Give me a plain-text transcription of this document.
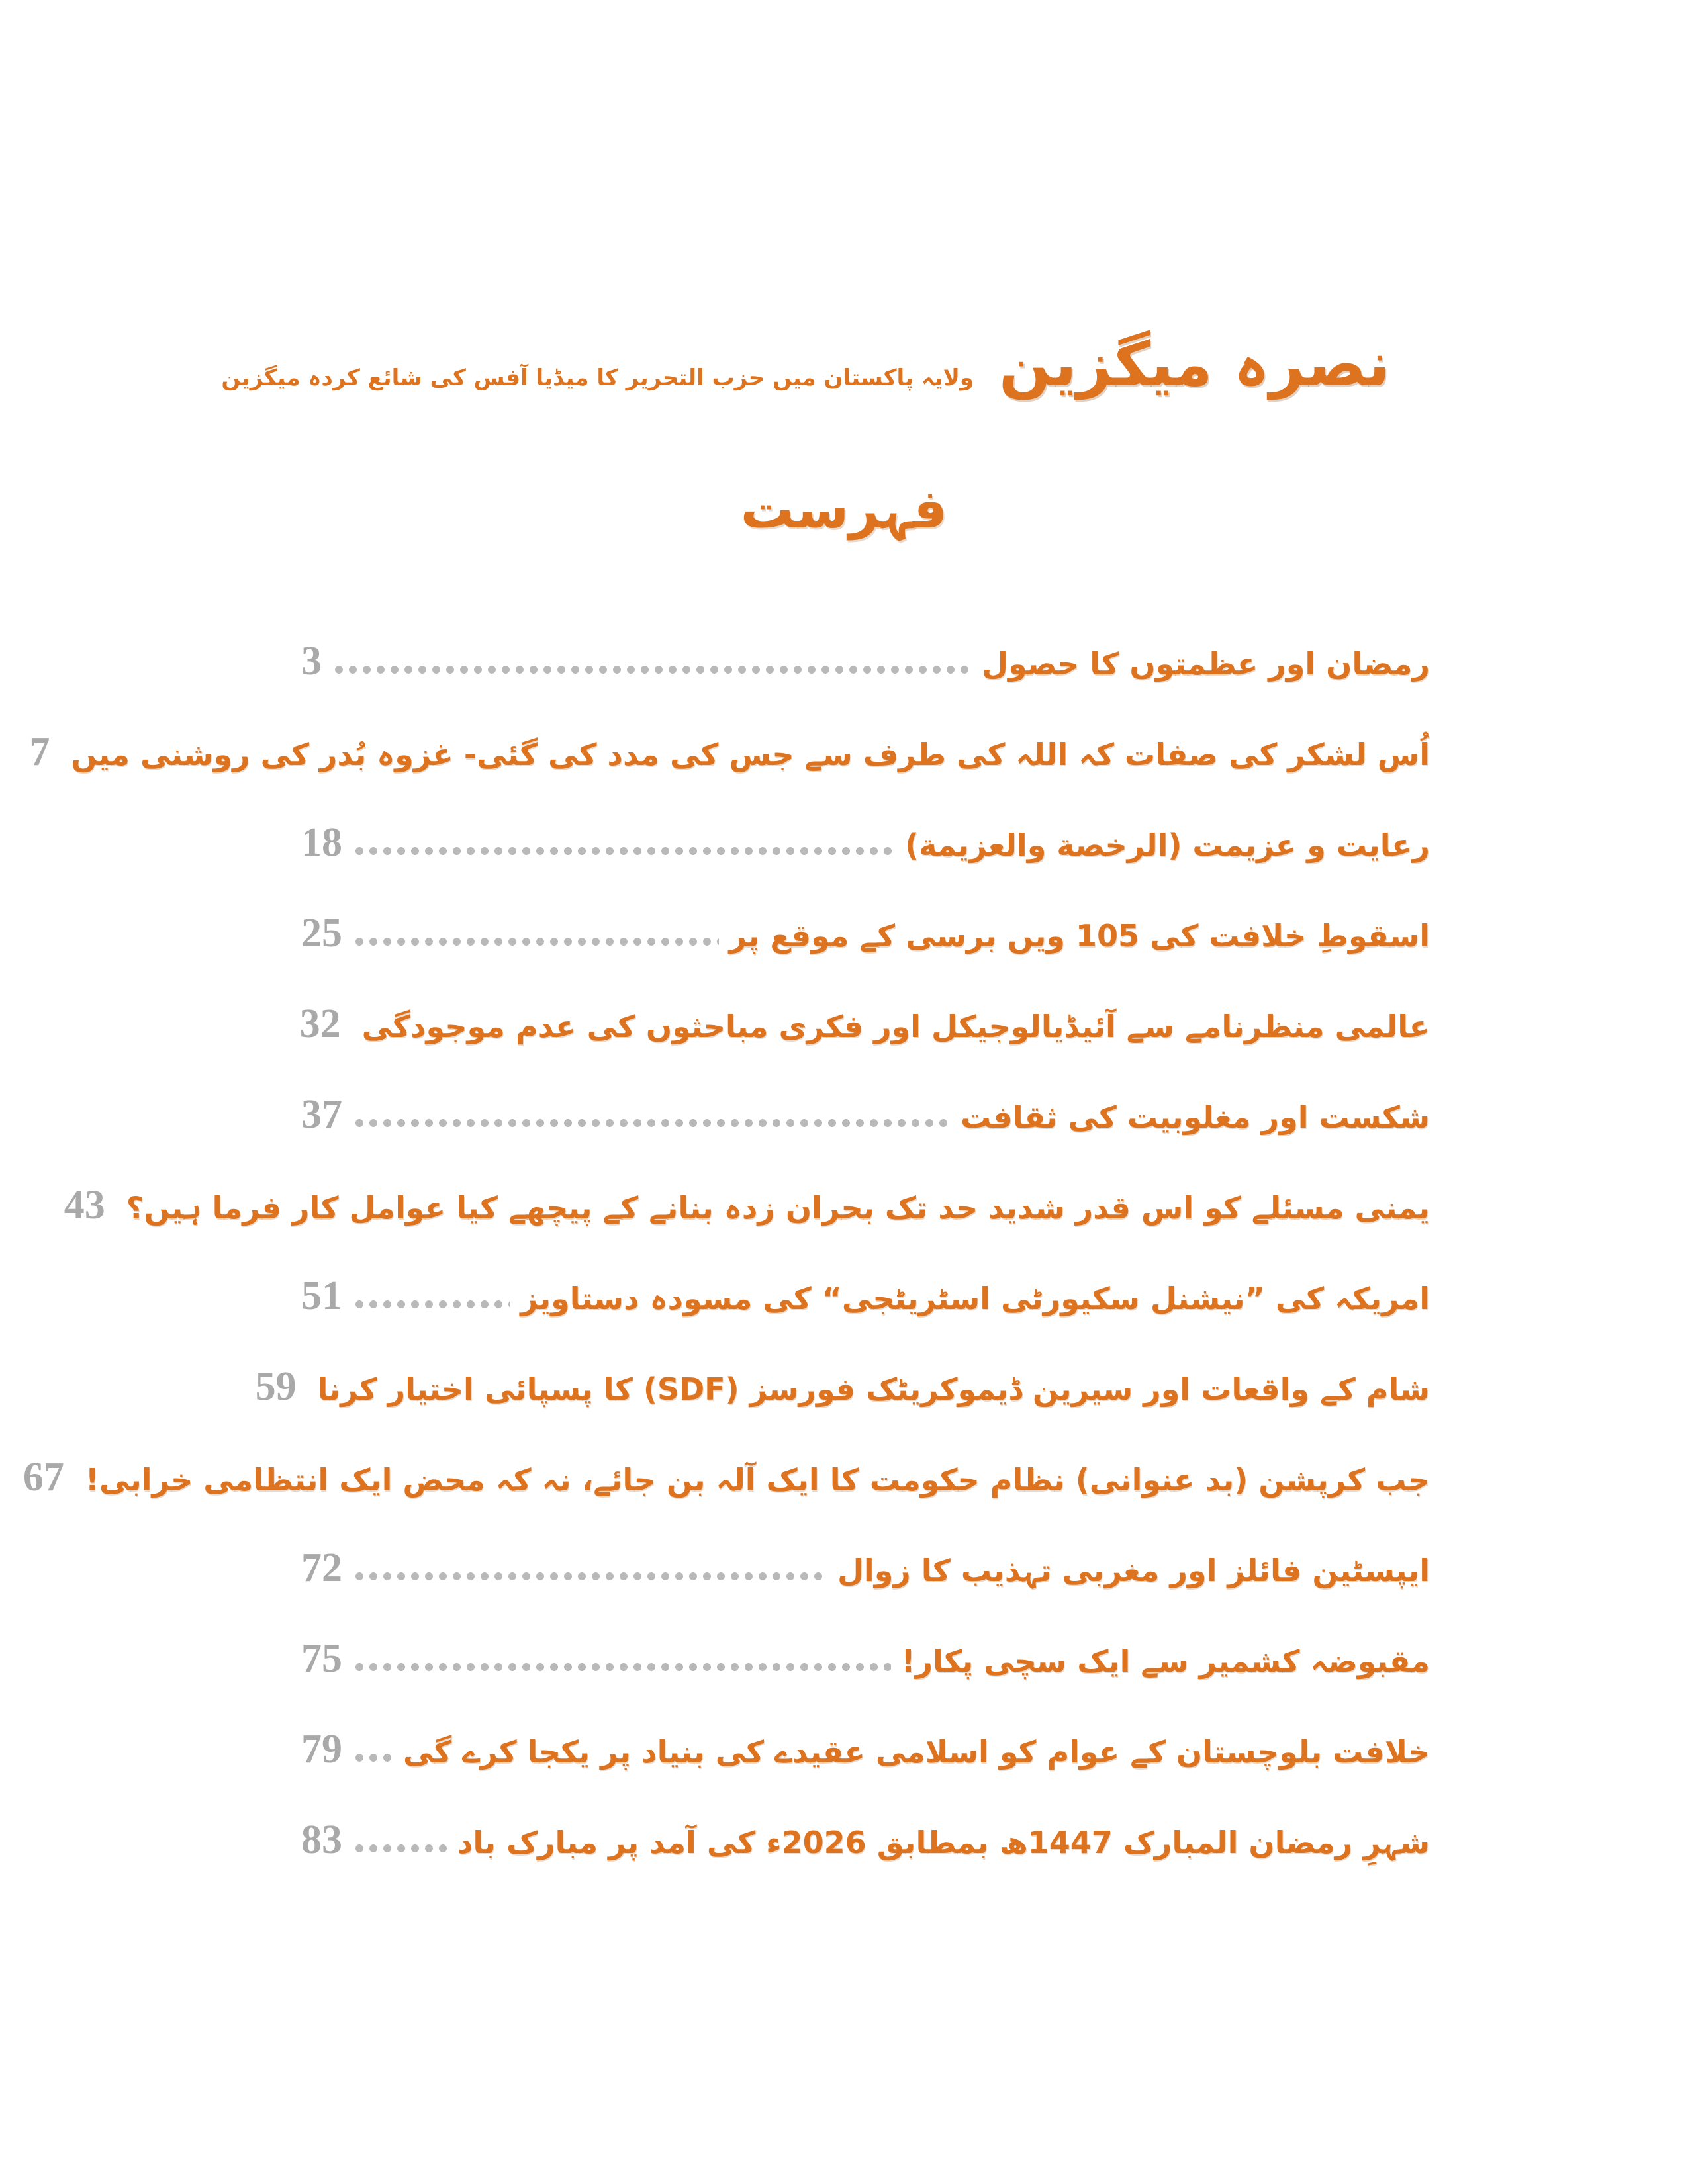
نصرہ میگزین
ولایہ پاکستان میں حزب التحریر کا میڈیا آفس کی شائع کردہ میگزین
فہرست
رمضان اور عظمتوں کا حصول
3
اُس لشکر کی صفات کہ اللہ کی طرف سے جس کی مدد کی گئی- غزوہ بُدر کی روشنی میں
7
رعایت و عزیمت (الرخصة والعزیمة)
18
اسقوطِ خلافت کی 105 ویں برسی کے موقع پر
25
عالمی منظرنامے سے آئیڈیالوجیکل اور فکری مباحثوں کی عدم موجودگی
32
شکست اور مغلوبیت کی ثقافت
37
یمنی مسئلے کو اس قدر شدید حد تک بحران زدہ بنانے کے پیچھے کیا عوامل کار فرما ہیں؟
43
امریکہ کی ”نیشنل سکیورٹی اسٹریٹجی“ کی مسودہ دستاویز
51
شام کے واقعات اور سیرین ڈیموکریٹک فورسز (SDF) کا پسپائی اختیار کرنا
59
جب کرپشن (بد عنوانی) نظام حکومت کا ایک آلہ بن جائے، نہ کہ محض ایک انتظامی خرابی!
67
ایپسٹین فائلز اور مغربی تہذیب کا زوال
72
مقبوضہ کشمیر سے ایک سچی پکار!
75
خلافت بلوچستان کے عوام کو اسلامی عقیدے کی بنیاد پر یکجا کرے گی
79
شہرِ رمضان المبارک 1447ھ بمطابق 2026ء کی آمد پر مبارک باد
83
